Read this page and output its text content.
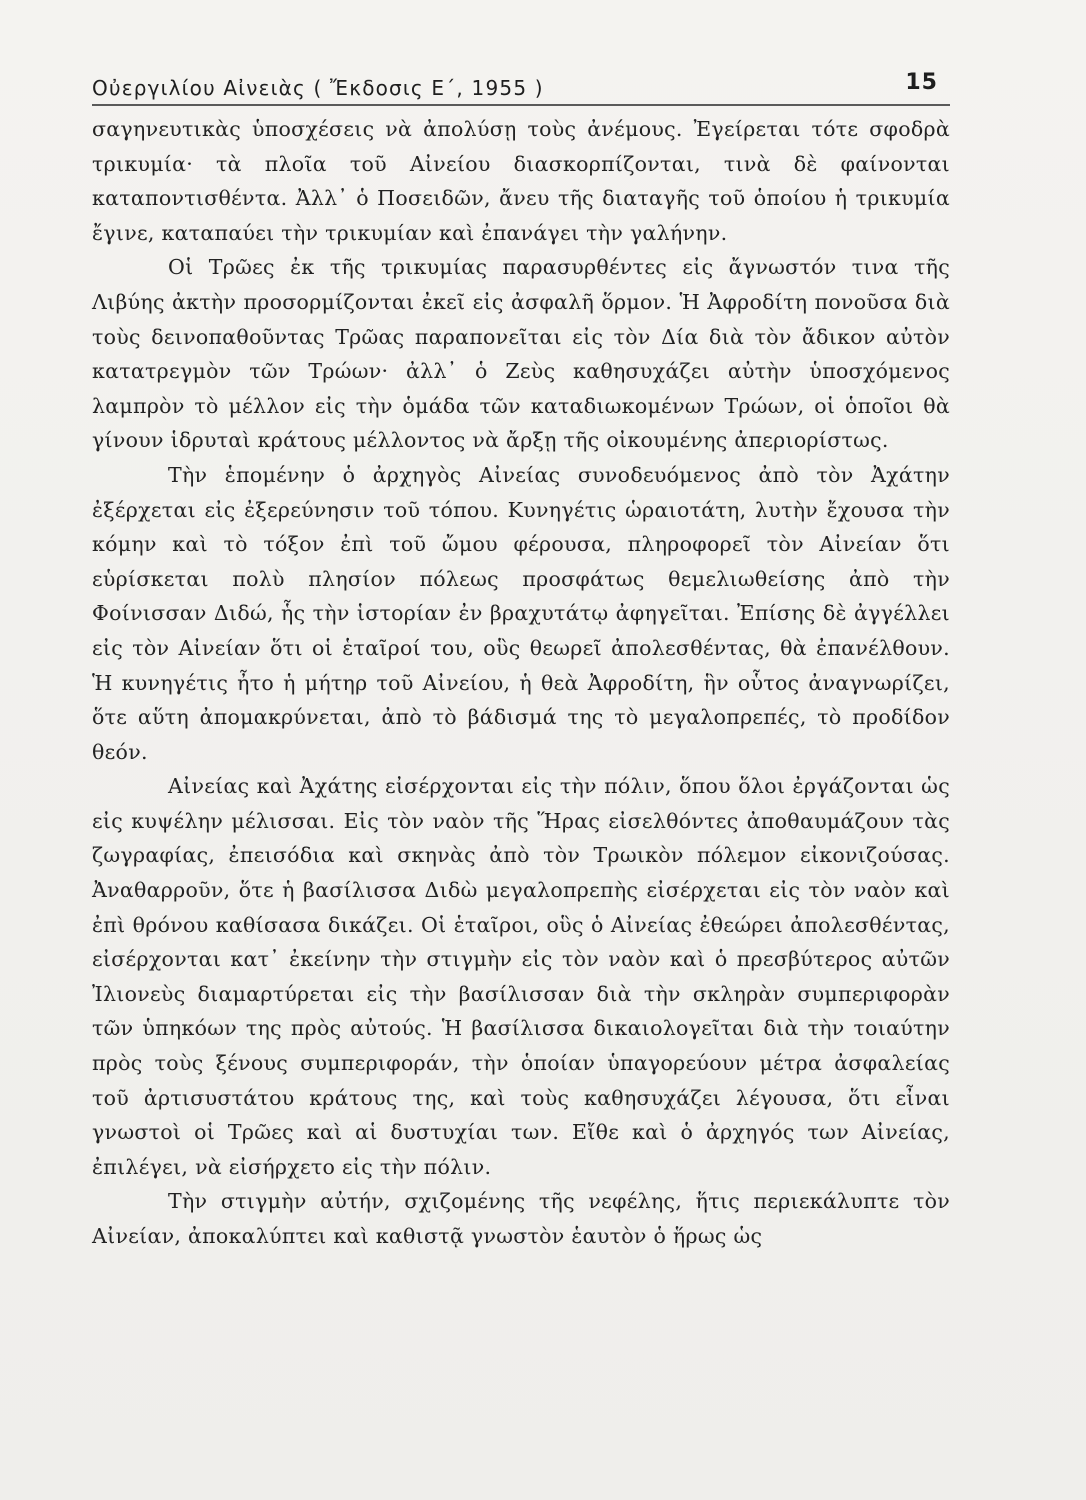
Οὐεργιλίου Αἰνειὰς ( Ἔκδοσις Ε΄, 1955 )	15

σαγηνευτικὰς ὑποσχέσεις νὰ ἀπολύσῃ τοὺς ἀνέμους. Ἐγείρεται τότε σφοδρὰ τρικυμία· τὰ πλοῖα τοῦ Αἰνείου διασκορπίζονται, τινὰ δὲ φαίνονται καταποντισθέντα. Ἀλλ᾿ ὁ Ποσειδῶν, ἄνευ τῆς διαταγῆς τοῦ ὁποίου ἡ τρικυμία ἔγινε, καταπαύει τὴν τρικυμίαν καὶ ἐπανάγει τὴν γαλήνην.

Οἱ Τρῶες ἐκ τῆς τρικυμίας παρασυρθέντες εἰς ἄγνωστόν τινα τῆς Λιβύης ἀκτὴν προσορμίζονται ἐκεῖ εἰς ἀσφαλῆ ὅρμον. Ἡ Ἀφροδίτη πονοῦσα διὰ τοὺς δεινοπαθοῦντας Τρῶας παραπονεῖται εἰς τὸν Δία διὰ τὸν ἄδικον αὐτὸν κατατρεγμὸν τῶν Τρώων· ἀλλ᾿ ὁ Ζεὺς καθησυχάζει αὐτὴν ὑποσχόμενος λαμπρὸν τὸ μέλλον εἰς τὴν ὁμάδα τῶν καταδιωκομένων Τρώων, οἱ ὁποῖοι θὰ γίνουν ἱδρυταὶ κράτους μέλλοντος νὰ ἄρξῃ τῆς οἰκουμένης ἀπεριορίστως.

Τὴν ἑπομένην ὁ ἀρχηγὸς Αἰνείας συνοδευόμενος ἀπὸ τὸν Ἀχάτην ἐξέρχεται εἰς ἐξερεύνησιν τοῦ τόπου. Κυνηγέτις ὡραιοτάτη, λυτὴν ἔχουσα τὴν κόμην καὶ τὸ τόξον ἐπὶ τοῦ ὤμου φέρουσα, πληροφορεῖ τὸν Αἰνείαν ὅτι εὑρίσκεται πολὺ πλησίον πόλεως προσφάτως θεμελιωθείσης ἀπὸ τὴν Φοίνισσαν Διδώ, ἧς τὴν ἱστορίαν ἐν βραχυτάτῳ ἀφηγεῖται. Ἐπίσης δὲ ἀγγέλλει εἰς τὸν Αἰνείαν ὅτι οἱ ἑταῖροί του, οὓς θεωρεῖ ἀπολεσθέντας, θὰ ἐπανέλθουν. Ἡ κυνηγέτις ἦτο ἡ μήτηρ τοῦ Αἰνείου, ἡ θεὰ Ἀφροδίτη, ἣν οὗτος ἀναγνωρίζει, ὅτε αὕτη ἀπομακρύνεται, ἀπὸ τὸ βάδισμά της τὸ μεγαλοπρεπές, τὸ προδίδον θεόν.

Αἰνείας καὶ Ἀχάτης εἰσέρχονται εἰς τὴν πόλιν, ὅπου ὅλοι ἐργάζονται ὡς εἰς κυψέλην μέλισσαι. Εἰς τὸν ναὸν τῆς Ἥρας εἰσελθόντες ἀποθαυμάζουν τὰς ζωγραφίας, ἐπεισόδια καὶ σκηνὰς ἀπὸ τὸν Τρωικὸν πόλεμον εἰκονιζούσας. Ἀναθαρροῦν, ὅτε ἡ βασίλισσα Διδὼ μεγαλοπρεπὴς εἰσέρχεται εἰς τὸν ναὸν καὶ ἐπὶ θρόνου καθίσασα δικάζει. Οἱ ἑταῖροι, οὓς ὁ Αἰνείας ἐθεώρει ἀπολεσθέντας, εἰσέρχονται κατ᾿ ἐκείνην τὴν στιγμὴν εἰς τὸν ναὸν καὶ ὁ πρεσβύτερος αὐτῶν Ἰλιονεὺς διαμαρτύρεται εἰς τὴν βασίλισσαν διὰ τὴν σκληρὰν συμπεριφορὰν τῶν ὑπηκόων της πρὸς αὐτούς. Ἡ βασίλισσα δικαιολογεῖται διὰ τὴν τοιαύτην πρὸς τοὺς ξένους συμπεριφοράν, τὴν ὁποίαν ὑπαγορεύουν μέτρα ἀσφαλείας τοῦ ἀρτισυστάτου κράτους της, καὶ τοὺς καθησυχάζει λέγουσα, ὅτι εἶναι γνωστοὶ οἱ Τρῶες καὶ αἱ δυστυχίαι των. Εἴθε καὶ ὁ ἀρχηγός των Αἰνείας, ἐπιλέγει, νὰ εἰσήρχετο εἰς τὴν πόλιν.

Τὴν στιγμὴν αὐτήν, σχιζομένης τῆς νεφέλης, ἥτις περιεκάλυπτε τὸν Αἰνείαν, ἀποκαλύπτει καὶ καθιστᾷ γνωστὸν ἑαυτὸν ὁ ἥρως ὡς
